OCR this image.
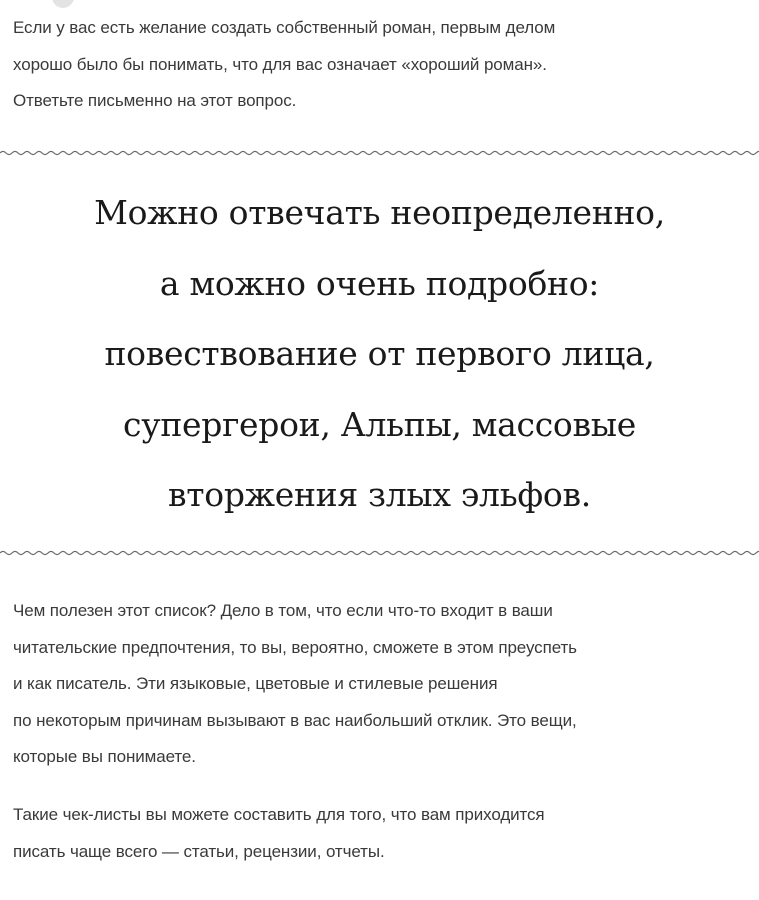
Если у вас есть желание создать собственный роман, первым делом
хорошо было бы понимать, что для вас означает «хороший роман».
Ответьте письменно на этот вопрос.
Можно отвечать неопределенно,
а можно очень подробно:
повествование от первого лица,
супергерои, Альпы, массовые
вторжения злых эльфов.
Чем полезен этот список? Дело в том, что если что-то входит в ваши
читательские предпочтения, то вы, вероятно, сможете в этом преуспеть
и как писатель. Эти языковые, цветовые и стилевые решения
по некоторым причинам вызывают в вас наибольший отклик. Это вещи,
которые вы понимаете.
Такие чек-листы вы можете составить для того, что вам приходится
писать чаще всего — статьи, рецензии, отчеты.
